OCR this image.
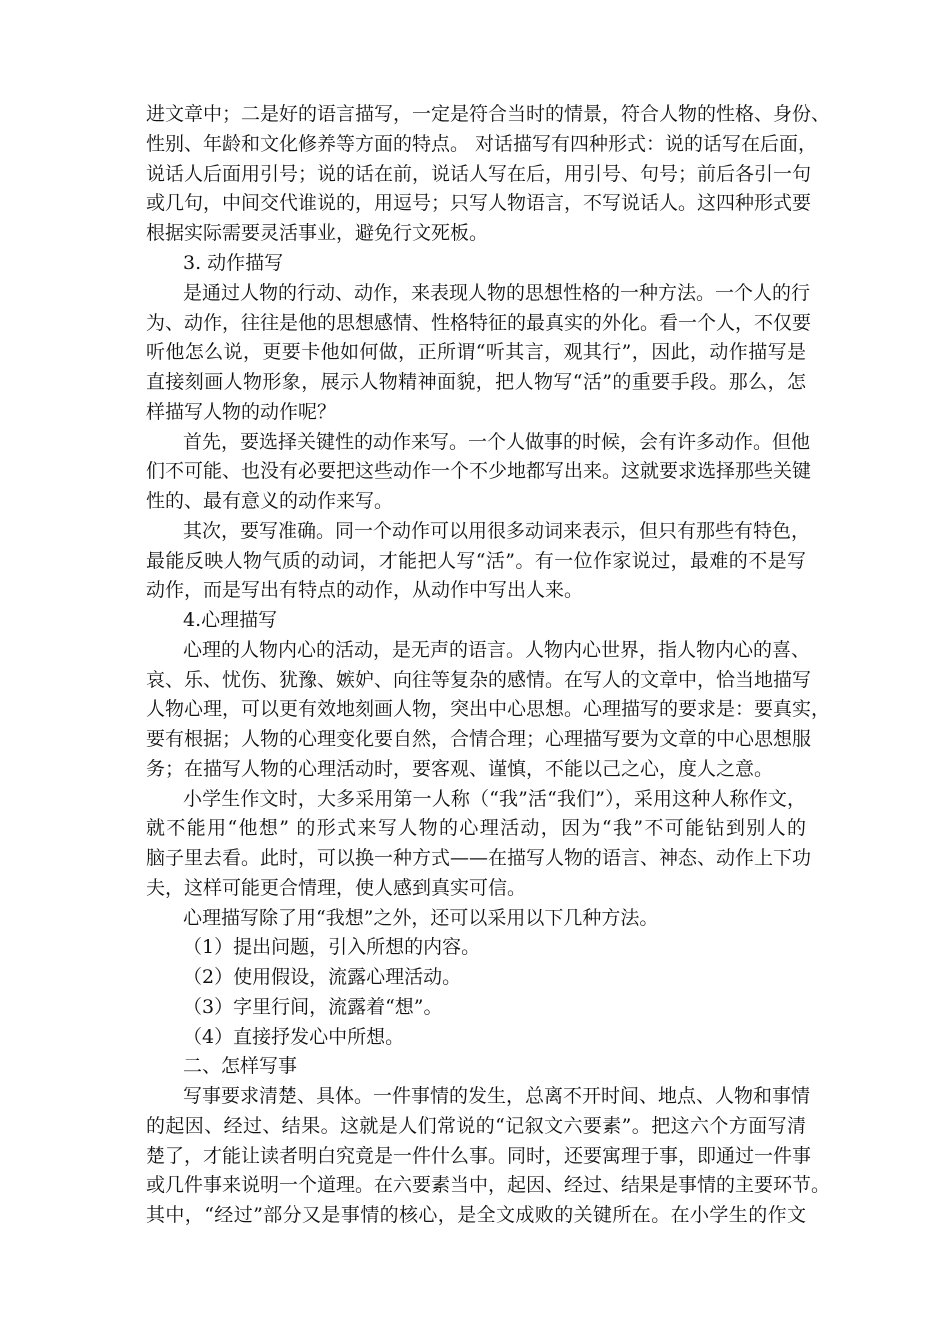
进文章中；二是好的语言描写，一定是符合当时的情景，符合人物的性格、身份、
性别、年龄和文化修养等方面的特点。 对话描写有四种形式：说的话写在后面，
说话人后面用引号；说的话在前，说话人写在后，用引号、句号；前后各引一句
或几句，中间交代谁说的，用逗号；只写人物语言，不写说话人。这四种形式要
根据实际需要灵活事业，避免行文死板。
3. 动作描写
是通过人物的行动、动作，来表现人物的思想性格的一种方法。一个人的行
为、动作，往往是他的思想感情、性格特征的最真实的外化。看一个人，不仅要
听他怎么说，更要卡他如何做，正所谓“听其言，观其行”，因此，动作描写是
直接刻画人物形象，展示人物精神面貌，把人物写“活”的重要手段。那么，怎
样描写人物的动作呢？
首先，要选择关键性的动作来写。一个人做事的时候，会有许多动作。但他
们不可能、也没有必要把这些动作一个不少地都写出来。这就要求选择那些关键
性的、最有意义的动作来写。
其次，要写准确。同一个动作可以用很多动词来表示，但只有那些有特色，
最能反映人物气质的动词，才能把人写“活”。有一位作家说过，最难的不是写
动作，而是写出有特点的动作，从动作中写出人来。
4.心理描写
心理的人物内心的活动，是无声的语言。人物内心世界，指人物内心的喜、
哀、乐、忧伤、犹豫、嫉妒、向往等复杂的感情。在写人的文章中，恰当地描写
人物心理，可以更有效地刻画人物，突出中心思想。心理描写的要求是：要真实，
要有根据；人物的心理变化要自然，合情合理；心理描写要为文章的中心思想服
务；在描写人物的心理活动时，要客观、谨慎，不能以己之心，度人之意。
小学生作文时，大多采用第一人称（“我”活“我们”），采用这种人称作文，
就不能用“他想” 的形式来写人物的心理活动，因为“我”不可能钻到别人的
脑子里去看。此时，可以换一种方式——在描写人物的语言、神态、动作上下功
夫，这样可能更合情理，使人感到真实可信。
心理描写除了用“我想”之外，还可以采用以下几种方法。
（1）提出问题，引入所想的内容。
（2）使用假设，流露心理活动。
（3）字里行间，流露着“想”。
（4）直接抒发心中所想。
二、怎样写事
写事要求清楚、具体。一件事情的发生，总离不开时间、地点、人物和事情
的起因、经过、结果。这就是人们常说的“记叙文六要素”。把这六个方面写清
楚了，才能让读者明白究竟是一件什么事。同时，还要寓理于事，即通过一件事
或几件事来说明一个道理。在六要素当中，起因、经过、结果是事情的主要环节。
其中，“经过”部分又是事情的核心，是全文成败的关键所在。在小学生的作文
